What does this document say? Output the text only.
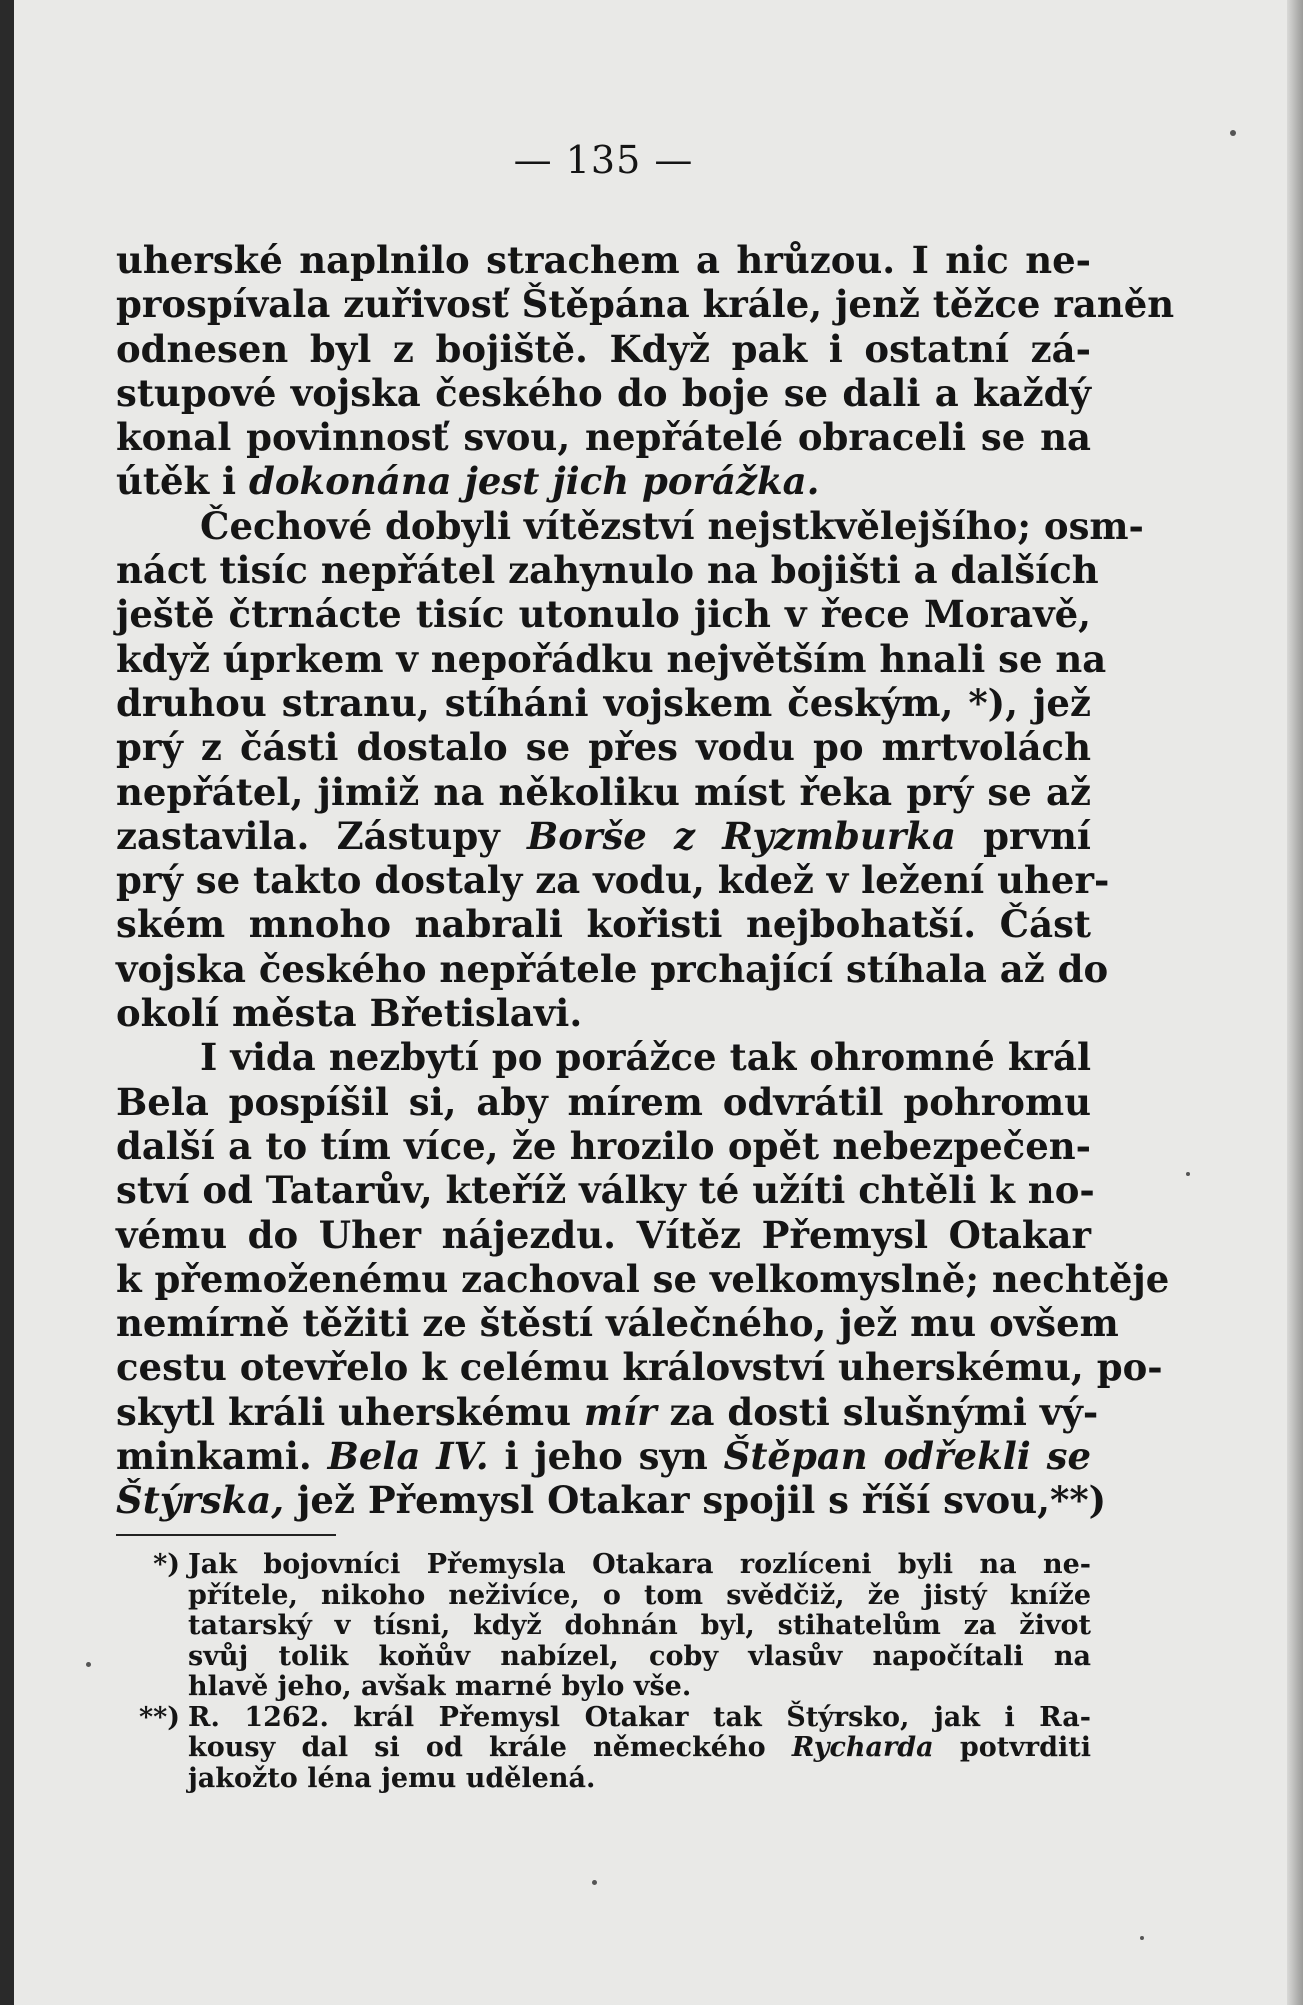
— 135 —
uherské naplnilo strachem a hrůzou. I nic ne-
prospívala zuřivosť Štěpána krále, jenž těžce raněn
odnesen byl z bojiště. Když pak i ostatní zá-
stupové vojska českého do boje se dali a každý
konal povinnosť svou, nepřátelé obraceli se na
útěk i dokonána jest jich porážka.
Čechové dobyli vítězství nejstkvělejšího; osm-
náct tisíc nepřátel zahynulo na bojišti a dalších
ještě čtrnácte tisíc utonulo jich v řece Moravě,
když úprkem v nepořádku největším hnali se na
druhou stranu, stíháni vojskem českým, *), jež
prý z části dostalo se přes vodu po mrtvolách
nepřátel, jimiž na několiku míst řeka prý se až
zastavila. Zástupy Borše z Ryzmburka první
prý se takto dostaly za vodu, kdež v ležení uher-
ském mnoho nabrali kořisti nejbohatší. Část
vojska českého nepřátele prchající stíhala až do
okolí města Břetislavi.
I vida nezbytí po porážce tak ohromné král
Bela pospíšil si, aby mírem odvrátil pohromu
další a to tím více, že hrozilo opět nebezpečen-
ství od Tatarův, kteříž války té užíti chtěli k no-
vému do Uher nájezdu. Vítěz Přemysl Otakar
k přemoženému zachoval se velkomyslně; nechtěje
nemírně těžiti ze štěstí válečného, jež mu ovšem
cestu otevřelo k celému království uherskému, po-
skytl králi uherskému mír za dosti slušnými vý-
minkami. Bela IV. i jeho syn Štěpan odřekli se
Štýrska, jež Přemysl Otakar spojil s říší svou,**)
*) Jak bojovníci Přemysla Otakara rozlíceni byli na ne-
přítele, nikoho neživíce, o tom svědčiž, že jistý kníže
tatarský v tísni, když dohnán byl, stihatelům za život
svůj tolik koňův nabízel, coby vlasův napočítali na
hlavě jeho, avšak marné bylo vše.
**) R. 1262. král Přemysl Otakar tak Štýrsko, jak i Ra-
kousy dal si od krále německého Rycharda potvrditi
jakožto léna jemu udělená.
